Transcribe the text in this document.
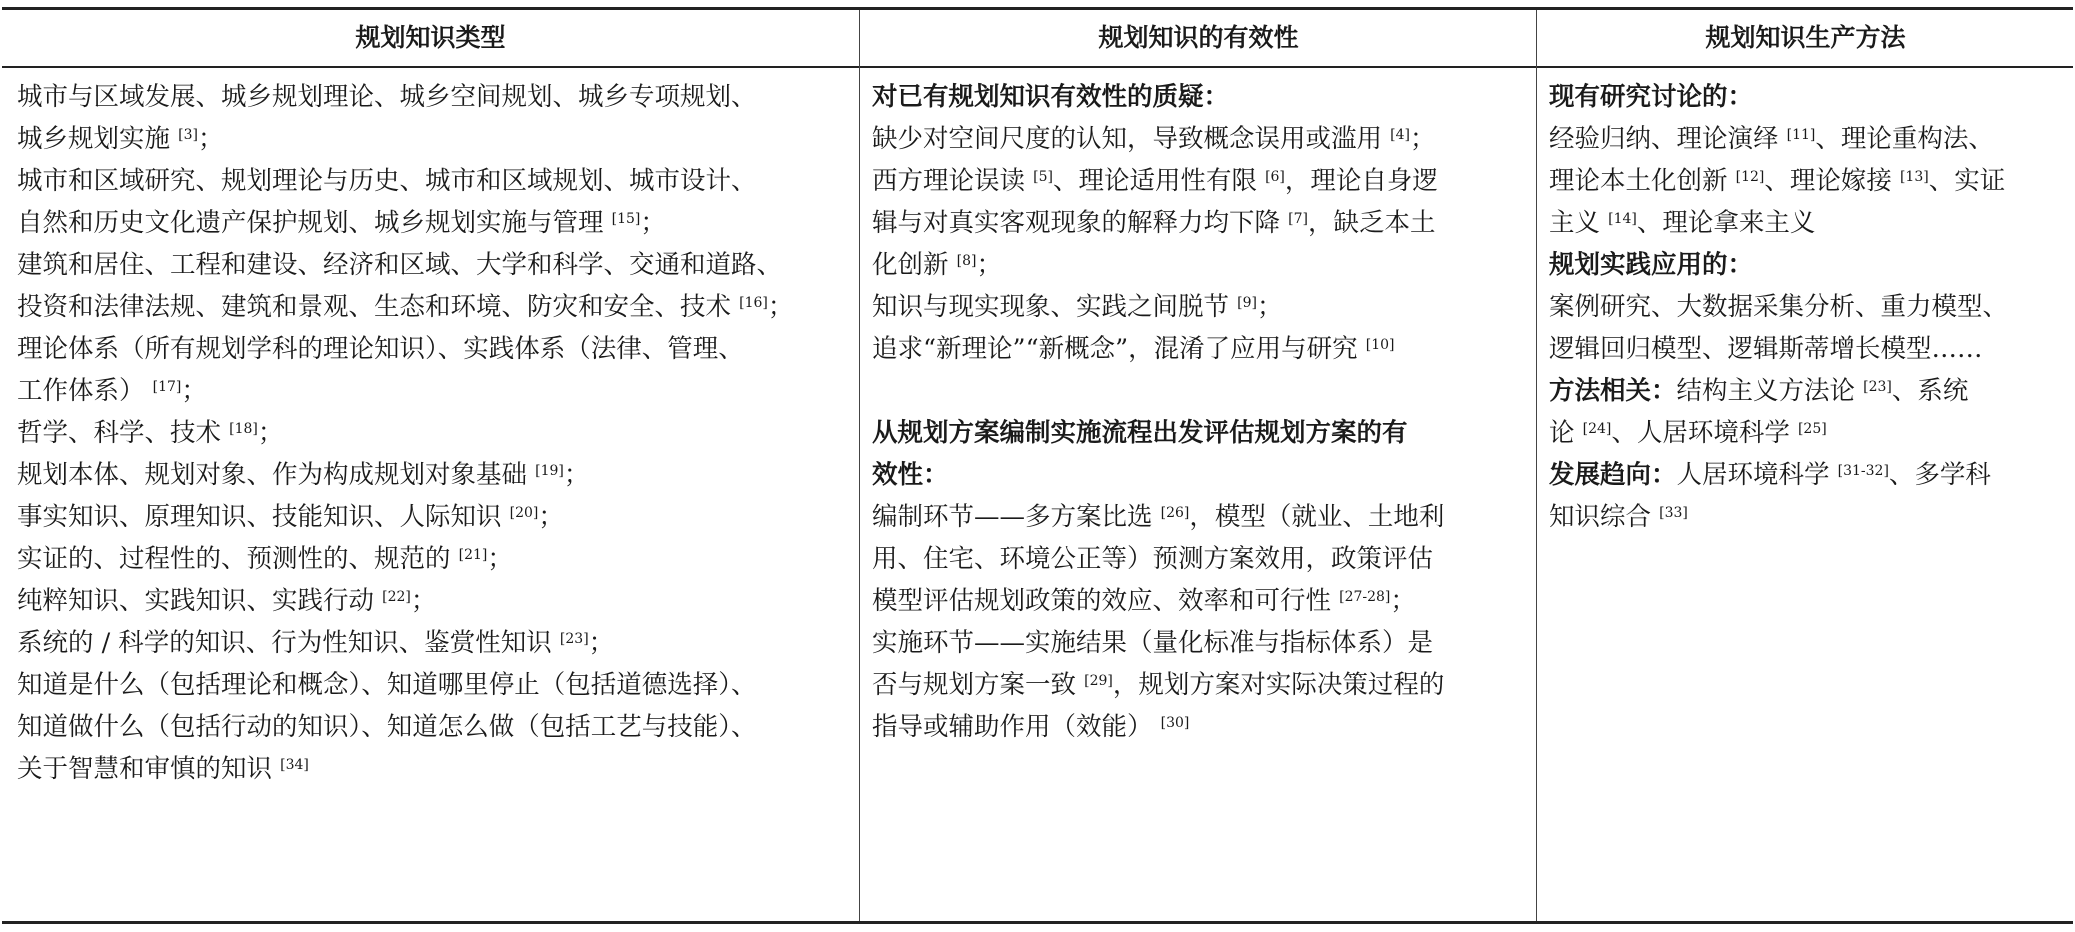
规划知识类型	规划知识的有效性	规划知识生产方法
城市与区域发展、城乡规划理论、城乡空间规划、城乡专项规划、
城乡规划实施 [3]；
城市和区域研究、规划理论与历史、城市和区域规划、城市设计、
自然和历史文化遗产保护规划、城乡规划实施与管理 [15]；
建筑和居住、工程和建设、经济和区域、大学和科学、交通和道路、
投资和法律法规、建筑和景观、生态和环境、防灾和安全、技术 [16]；
理论体系（所有规划学科的理论知识）、实践体系（法律、管理、
工作体系） [17]；
哲学、科学、技术 [18]；
规划本体、规划对象、作为构成规划对象基础 [19]；
事实知识、原理知识、技能知识、人际知识 [20]；
实证的、过程性的、预测性的、规范的 [21]；
纯粹知识、实践知识、实践行动 [22]；
系统的 / 科学的知识、行为性知识、鉴赏性知识 [23]；
知道是什么（包括理论和概念）、知道哪里停止（包括道德选择）、
知道做什么（包括行动的知识）、知道怎么做（包括工艺与技能）、
关于智慧和审慎的知识 [34]
对已有规划知识有效性的质疑：
缺少对空间尺度的认知，导致概念误用或滥用 [4]；
西方理论误读 [5]、理论适用性有限 [6]，理论自身逻
辑与对真实客观现象的解释力均下降 [7]，缺乏本土
化创新 [8]；
知识与现实现象、实践之间脱节 [9]；
追求“新理论”“新概念”，混淆了应用与研究 [10]
从规划方案编制实施流程出发评估规划方案的有
效性：
编制环节——多方案比选 [26]，模型（就业、土地利
用、住宅、环境公正等）预测方案效用，政策评估
模型评估规划政策的效应、效率和可行性 [27-28]；
实施环节——实施结果（量化标准与指标体系）是
否与规划方案一致 [29]，规划方案对实际决策过程的
指导或辅助作用（效能） [30]
现有研究讨论的：
经验归纳、理论演绎 [11]、理论重构法、
理论本土化创新 [12]、理论嫁接 [13]、实证
主义 [14]、理论拿来主义
规划实践应用的：
案例研究、大数据采集分析、重力模型、
逻辑回归模型、逻辑斯蒂增长模型……
方法相关：结构主义方法论 [23]、系统
论 [24]、人居环境科学 [25]
发展趋向：人居环境科学 [31-32]、多学科
知识综合 [33]
